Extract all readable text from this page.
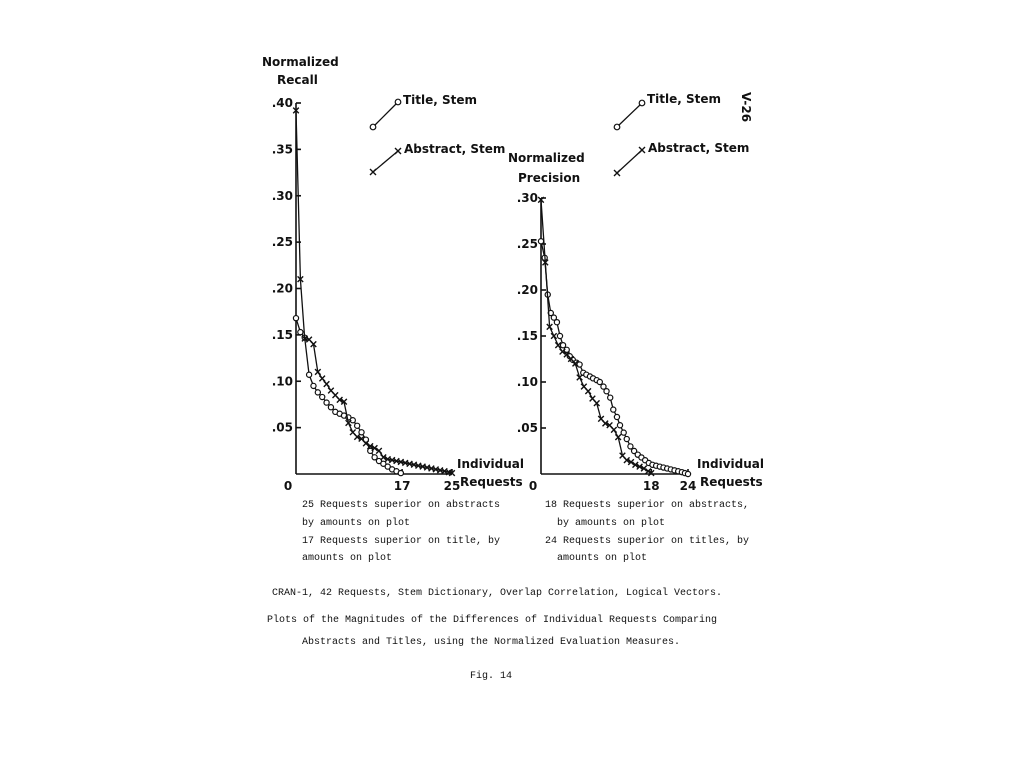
V-26
Normalized
Recall
.40
.35
.30
.25
.20
.15
.10
.05
0	17	25
Individual
Requests
Title, Stem
Abstract, Stem
25 Requests superior on abstracts
by amounts on plot
17 Requests superior on title, by
amounts on plot
Normalized
Precision
.30
.25
.20
.15
.10
.05
0	18 24
Individual
Requests
Title, Stem
Abstract, Stem
18 Requests superior on abstracts,
by amounts on plot
24 Requests superior on titles, by
amounts on plot
CRAN-1, 42 Requests, Stem Dictionary, Overlap Correlation, Logical Vectors.
Plots of the Magnitudes of the Differences of Individual Requests Comparing
Abstracts and Titles, using the Normalized Evaluation Measures.
Fig. 14
